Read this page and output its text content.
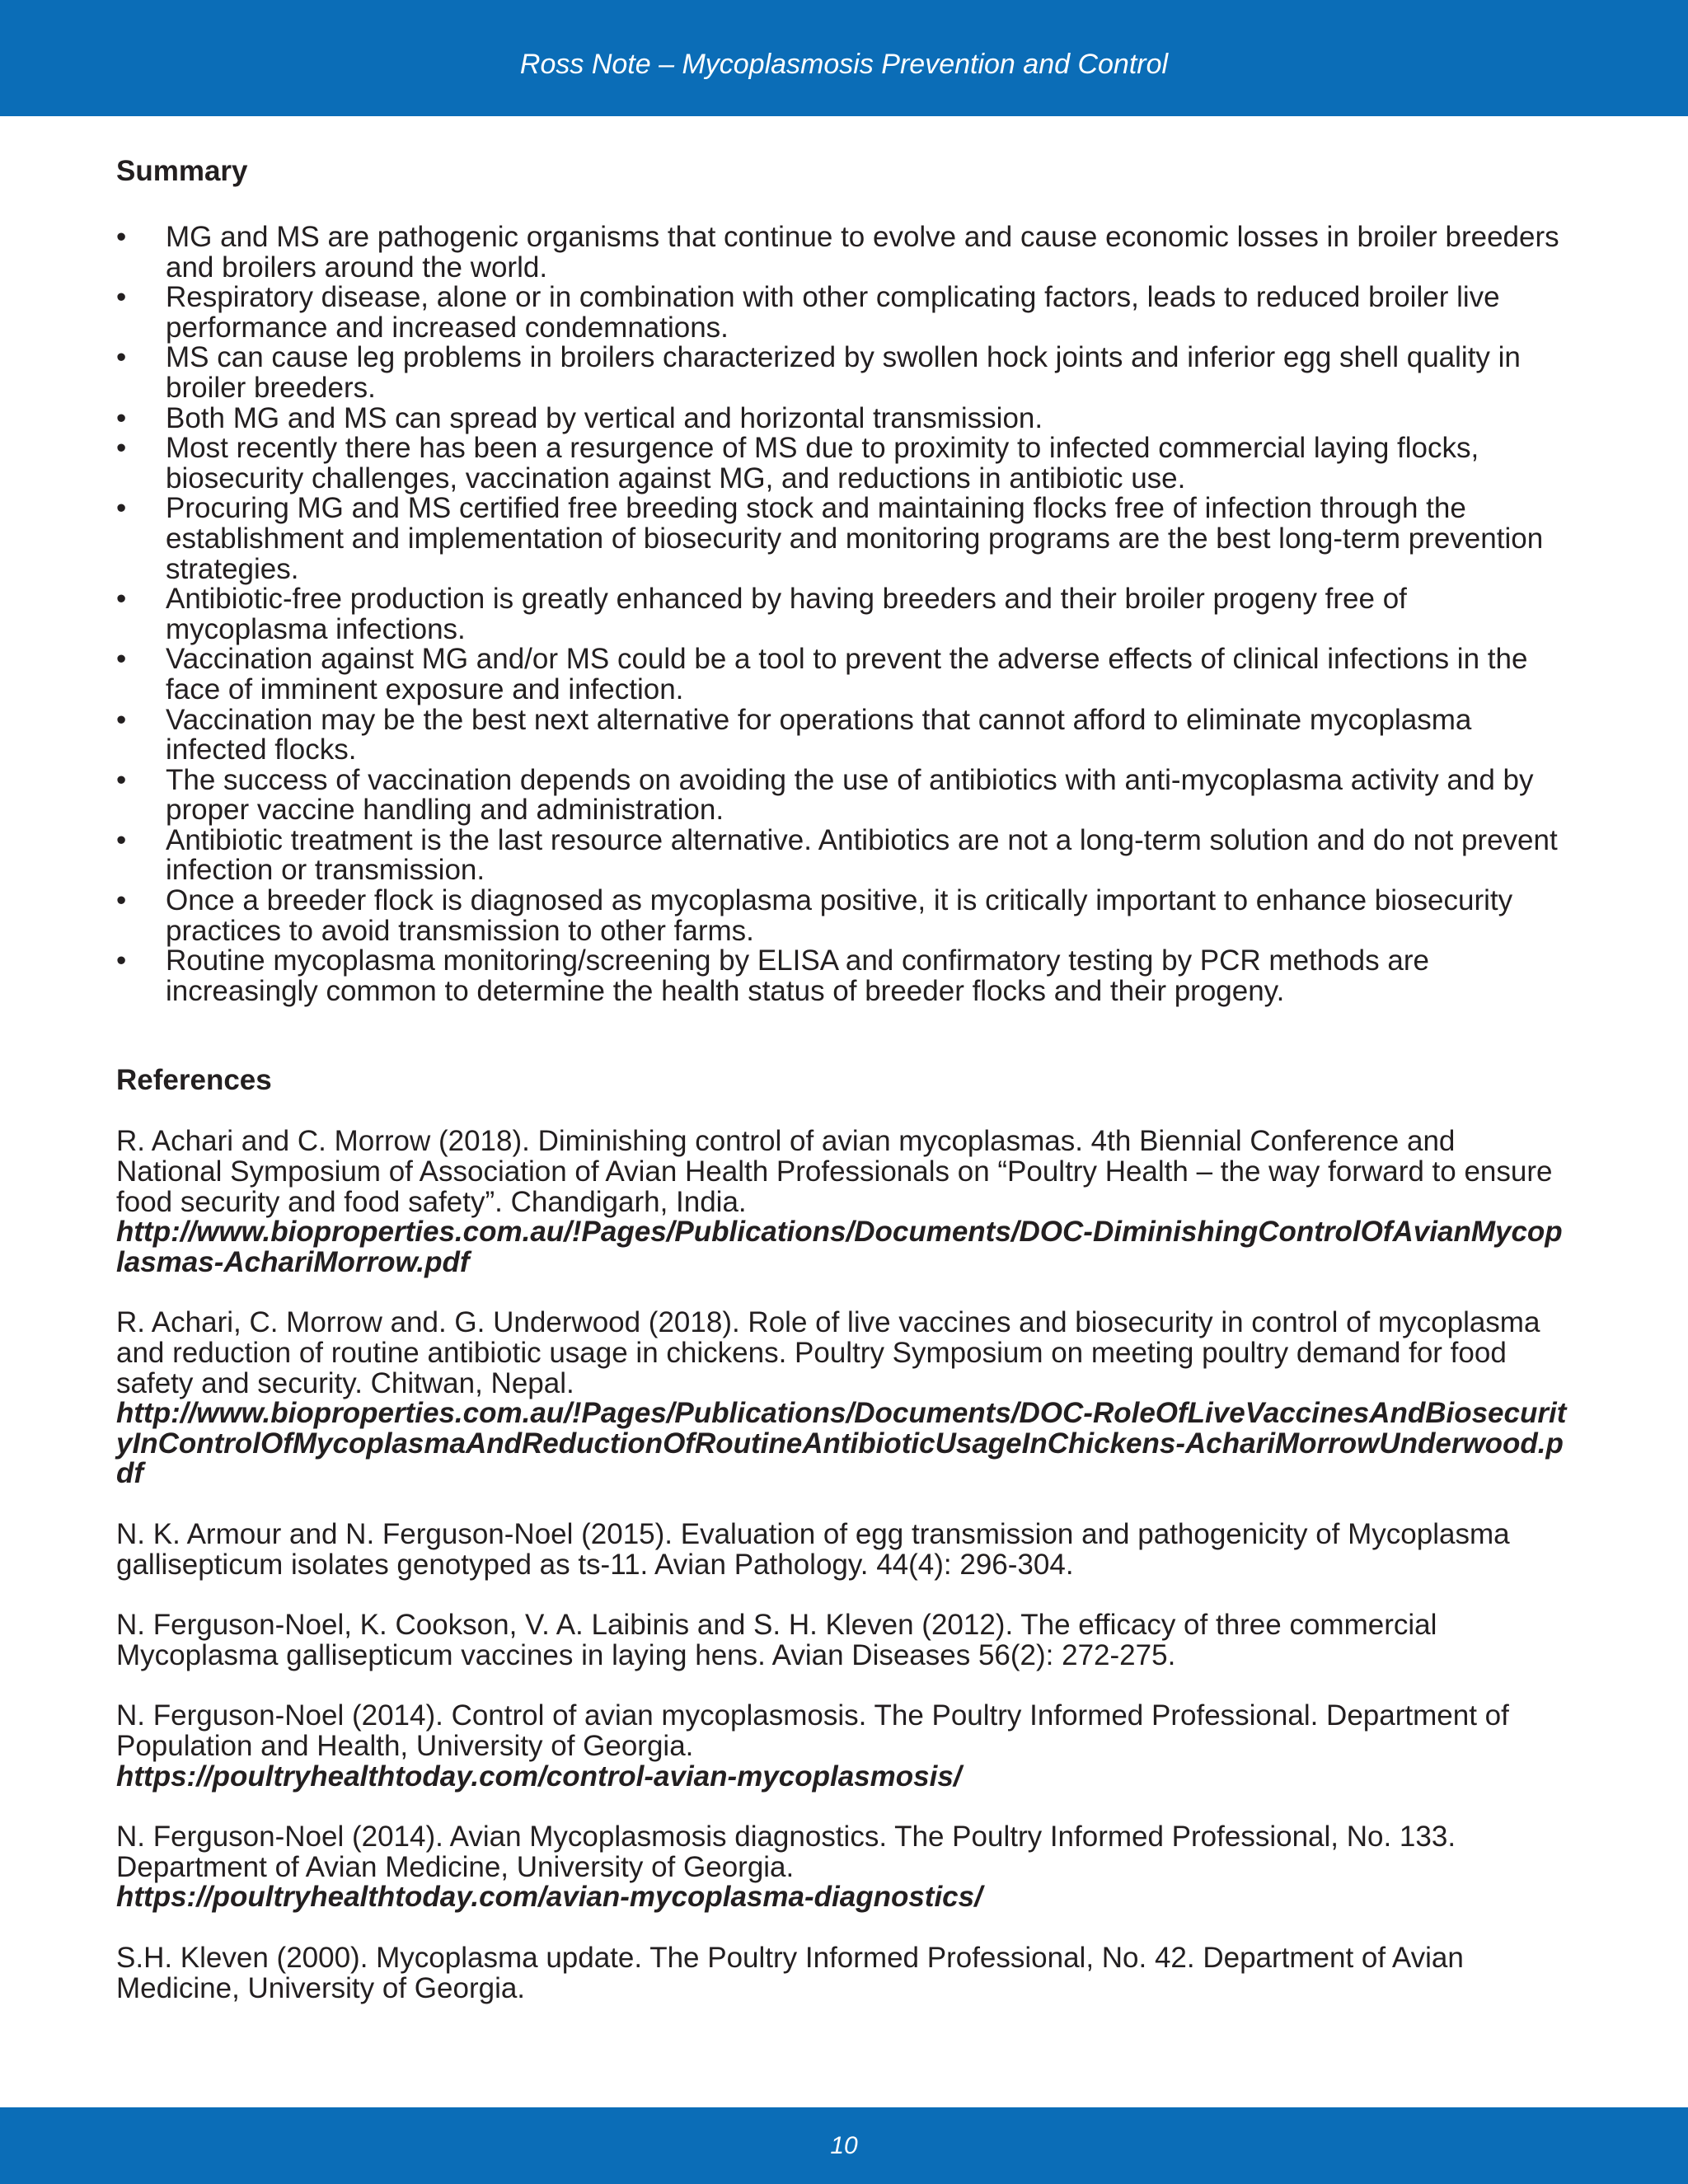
Ross Note – Mycoplasmosis Prevention and Control
Summary
• MG and MS are pathogenic organisms that continue to evolve and cause economic losses in broiler breeders and broilers around the world.
• Respiratory disease, alone or in combination with other complicating factors, leads to reduced broiler live performance and increased condemnations.
• MS can cause leg problems in broilers characterized by swollen hock joints and inferior egg shell quality in broiler breeders.
• Both MG and MS can spread by vertical and horizontal transmission.
• Most recently there has been a resurgence of MS due to proximity to infected commercial laying flocks, biosecurity challenges, vaccination against MG, and reductions in antibiotic use.
• Procuring MG and MS certified free breeding stock and maintaining flocks free of infection through the establishment and implementation of biosecurity and monitoring programs are the best long-term prevention strategies.
• Antibiotic-free production is greatly enhanced by having breeders and their broiler progeny free of mycoplasma infections.
• Vaccination against MG and/or MS could be a tool to prevent the adverse effects of clinical infections in the face of imminent exposure and infection.
• Vaccination may be the best next alternative for operations that cannot afford to eliminate mycoplasma infected flocks.
• The success of vaccination depends on avoiding the use of antibiotics with anti-mycoplasma activity and by proper vaccine handling and administration.
• Antibiotic treatment is the last resource alternative. Antibiotics are not a long-term solution and do not prevent infection or transmission.
• Once a breeder flock is diagnosed as mycoplasma positive, it is critically important to enhance biosecurity practices to avoid transmission to other farms.
• Routine mycoplasma monitoring/screening by ELISA and confirmatory testing by PCR methods are increasingly common to determine the health status of breeder flocks and their progeny.
References

R. Achari and C. Morrow (2018). Diminishing control of avian mycoplasmas. 4th Biennial Conference and National Symposium of Association of Avian Health Professionals on “Poultry Health – the way forward to ensure food security and food safety”. Chandigarh, India.
http://www.bioproperties.com.au/!Pages/Publications/Documents/DOC-DiminishingControlOfAvianMycoplasmas-AchariMorrow.pdf

R. Achari, C. Morrow and. G. Underwood (2018). Role of live vaccines and biosecurity in control of mycoplasma and reduction of routine antibiotic usage in chickens. Poultry Symposium on meeting poultry demand for food safety and security. Chitwan, Nepal.
http://www.bioproperties.com.au/!Pages/Publications/Documents/DOC-RoleOfLiveVaccinesAndBiosecurityInControlOfMycoplasmaAndReductionOfRoutineAntibioticUsageInChickens-AchariMorrowUnderwood.pdf

N. K. Armour and N. Ferguson-Noel (2015). Evaluation of egg transmission and pathogenicity of Mycoplasma gallisepticum isolates genotyped as ts-11. Avian Pathology. 44(4): 296-304.

N. Ferguson-Noel, K. Cookson, V. A. Laibinis and S. H. Kleven (2012). The efficacy of three commercial Mycoplasma gallisepticum vaccines in laying hens. Avian Diseases 56(2): 272-275.

N. Ferguson-Noel (2014). Control of avian mycoplasmosis. The Poultry Informed Professional. Department of Population and Health, University of Georgia.
https://poultryhealthtoday.com/control-avian-mycoplasmosis/

N. Ferguson-Noel (2014). Avian Mycoplasmosis diagnostics. The Poultry Informed Professional, No. 133. Department of Avian Medicine, University of Georgia.
https://poultryhealthtoday.com/avian-mycoplasma-diagnostics/

S.H. Kleven (2000). Mycoplasma update. The Poultry Informed Professional, No. 42. Department of Avian Medicine, University of Georgia.

10
